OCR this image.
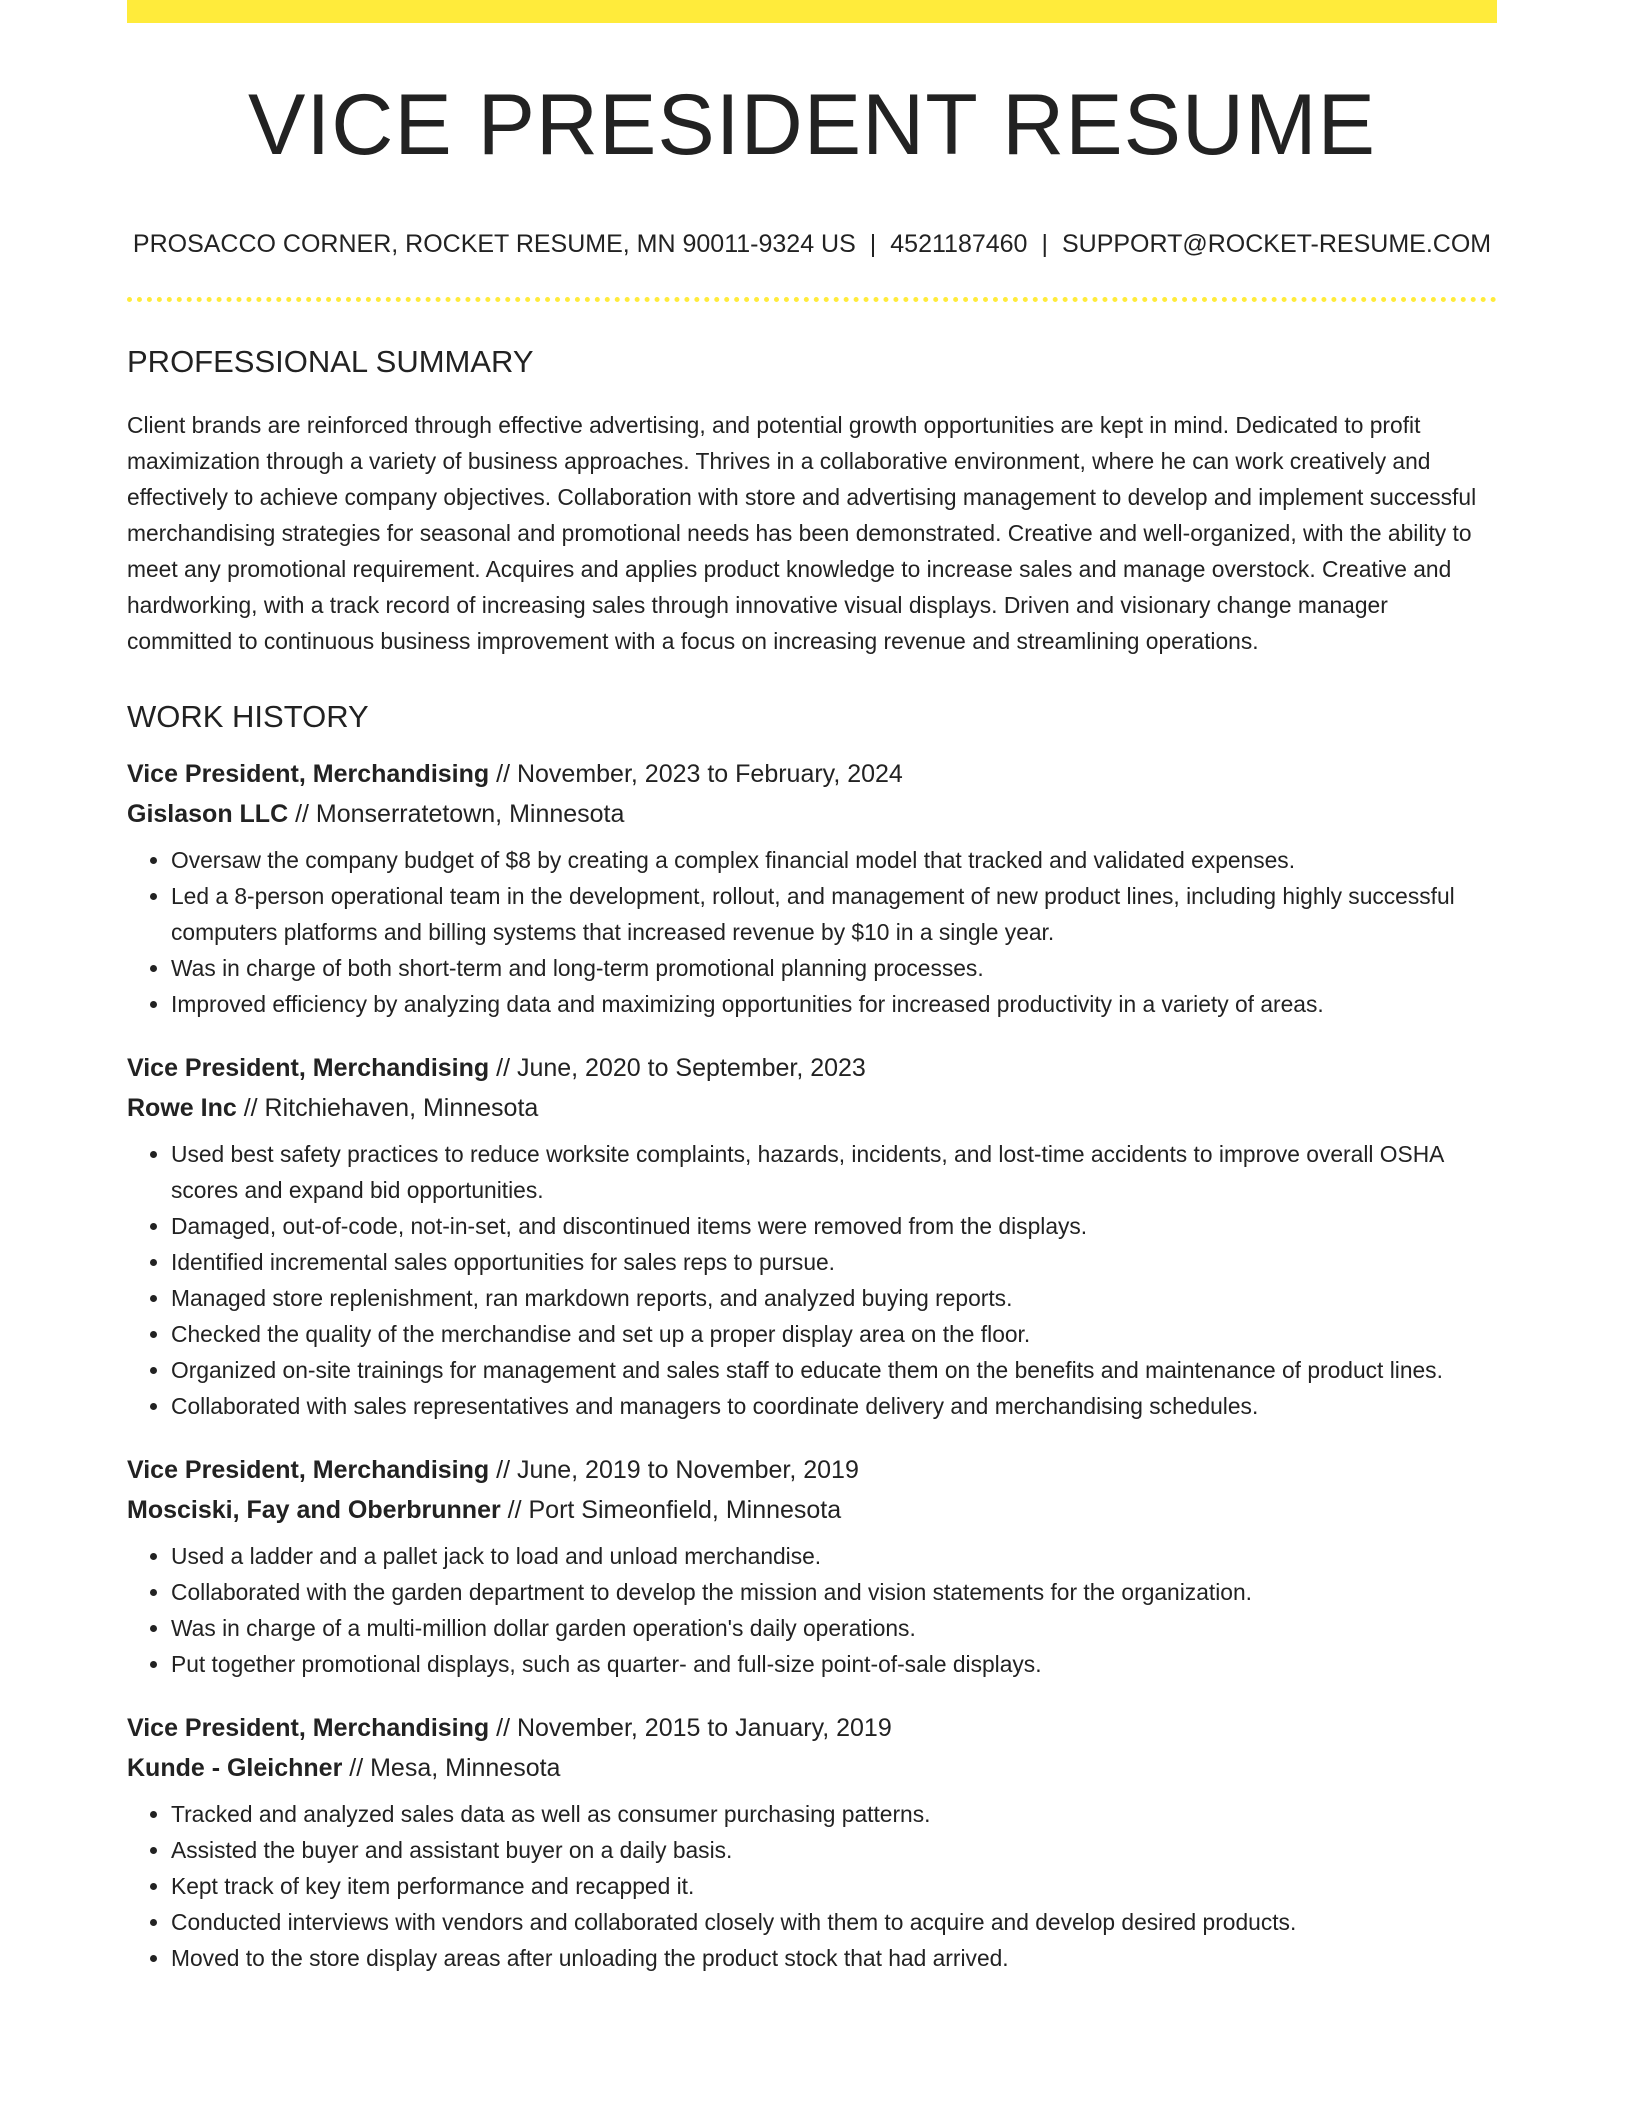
VICE PRESIDENT RESUME
PROSACCO CORNER, ROCKET RESUME, MN 90011-9324 US | 4521187460 | SUPPORT@ROCKET-RESUME.COM
PROFESSIONAL SUMMARY

Client brands are reinforced through effective advertising, and potential growth opportunities are kept in mind. Dedicated to profit maximization through a variety of business approaches. Thrives in a collaborative environment, where he can work creatively and effectively to achieve company objectives. Collaboration with store and advertising management to develop and implement successful merchandising strategies for seasonal and promotional needs has been demonstrated. Creative and well-organized, with the ability to meet any promotional requirement. Acquires and applies product knowledge to increase sales and manage overstock. Creative and hardworking, with a track record of increasing sales through innovative visual displays. Driven and visionary change manager committed to continuous business improvement with a focus on increasing revenue and streamlining operations.

WORK HISTORY
Vice President, Merchandising // November, 2023 to February, 2024
Gislason LLC // Monserratetown, Minnesota
• Oversaw the company budget of $8 by creating a complex financial model that tracked and validated expenses.
• Led a 8-person operational team in the development, rollout, and management of new product lines, including highly successful computers platforms and billing systems that increased revenue by $10 in a single year.
• Was in charge of both short-term and long-term promotional planning processes.
• Improved efficiency by analyzing data and maximizing opportunities for increased productivity in a variety of areas.
Vice President, Merchandising // June, 2020 to September, 2023
Rowe Inc // Ritchiehaven, Minnesota
• Used best safety practices to reduce worksite complaints, hazards, incidents, and lost-time accidents to improve overall OSHA scores and expand bid opportunities.
• Damaged, out-of-code, not-in-set, and discontinued items were removed from the displays.
• Identified incremental sales opportunities for sales reps to pursue.
• Managed store replenishment, ran markdown reports, and analyzed buying reports.
• Checked the quality of the merchandise and set up a proper display area on the floor.
• Organized on-site trainings for management and sales staff to educate them on the benefits and maintenance of product lines.
• Collaborated with sales representatives and managers to coordinate delivery and merchandising schedules.
Vice President, Merchandising // June, 2019 to November, 2019
Mosciski, Fay and Oberbrunner // Port Simeonfield, Minnesota
• Used a ladder and a pallet jack to load and unload merchandise.
• Collaborated with the garden department to develop the mission and vision statements for the organization.
• Was in charge of a multi-million dollar garden operation's daily operations.
• Put together promotional displays, such as quarter- and full-size point-of-sale displays.
Vice President, Merchandising // November, 2015 to January, 2019
Kunde - Gleichner // Mesa, Minnesota
• Tracked and analyzed sales data as well as consumer purchasing patterns.
• Assisted the buyer and assistant buyer on a daily basis.
• Kept track of key item performance and recapped it.
• Conducted interviews with vendors and collaborated closely with them to acquire and develop desired products.
• Moved to the store display areas after unloading the product stock that had arrived.
